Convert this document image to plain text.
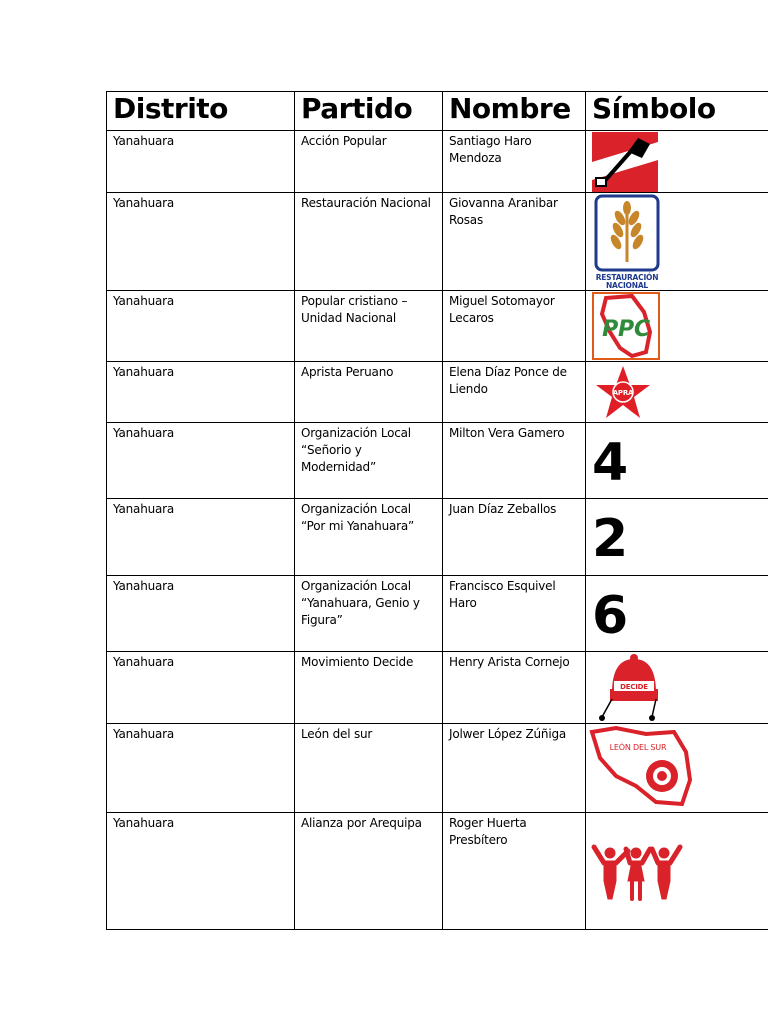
Distrito	Partido	Nombre	Símbolo
Yanahuara	Acción Popular	Santiago Haro Mendoza	

Yanahuara	Restauración Nacional	Giovanna Aranibar Rosas	RESTAURACIÓN
NACIONAL

Yanahuara	Popular cristiano – Unidad Nacional	Miguel Sotomayor Lecaros	PPC

Yanahuara	Aprista Peruano	Elena Díaz Ponce de Liendo	APRA

Yanahuara	Organización Local “Señorio y Modernidad”	Milton Vera Gamero	4

Yanahuara	Organización Local “Por mi Yanahuara”	Juan Díaz Zeballos	2

Yanahuara	Organización Local “Yanahuara, Genio y Figura”	Francisco Esquivel Haro	6

Yanahuara	Movimiento Decide	Henry Arista Cornejo	DECIDE

Yanahuara	León del sur	Jolwer López Zúñiga	LEÓN DEL SUR

Yanahuara	Alianza por Arequipa	Roger Huerta Presbítero	
